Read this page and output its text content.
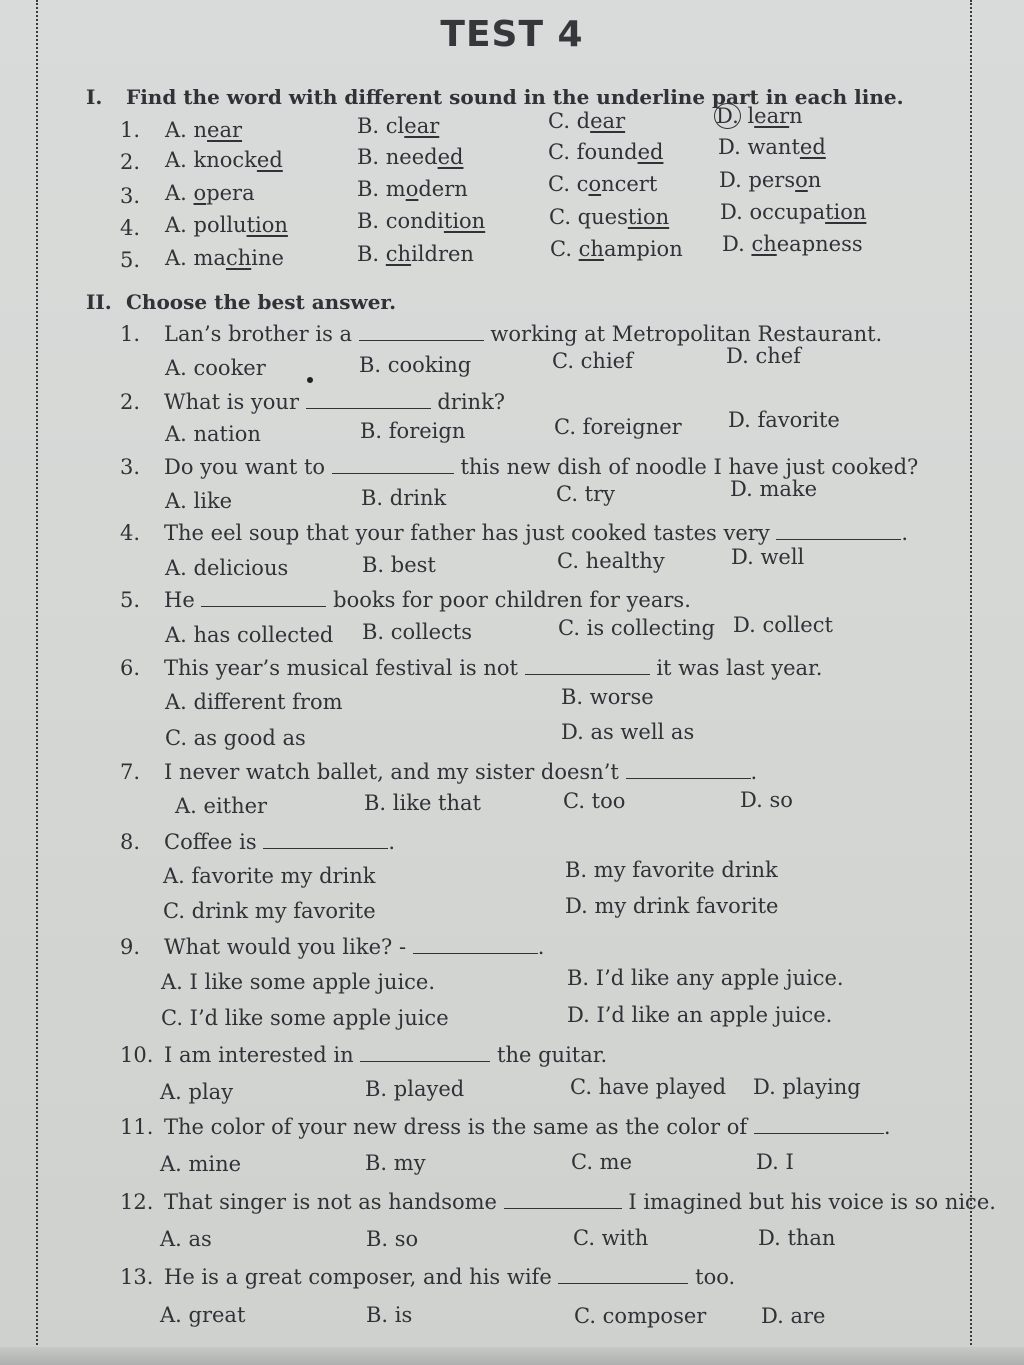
TEST 4
I. Find the word with different sound in the underline part in each line.
1.	A. near	B. clear	C. dear	D. learn
2.	A. knocked	B. needed	C. founded	D. wanted
3.	A. opera	B. modern	C. concert	D. person
4.	A. pollution	B. condition	C. question D. occupation
5.	A. machine	B. children	C. champion D. cheapness
II. Choose the best answer.
1. Lan’s brother is a	working at Metropolitan Restaurant.
A. cooker	B. cooking	C. chief	D. chef
2. What is your	drink?
A. nation	B. foreign	C. foreigner D. favorite
3. Do you want to	this new dish of noodle I have just cooked?
A. like	B. drink	C. try	D. make
4. The eel soup that your father has just cooked tastes very	.
A. delicious	B. best	C. healthy	D. well
5. He	books for poor children for years.
A. has collected B. collects	C. is collecting D. collect
6. This year’s musical festival is not	it was last year.
A. different from	B. worse
C. as good as	D. as well as
7. I never watch ballet, and my sister doesn’t	.
A. either	B. like that	C. too	D. so
8. Coffee is	.
A. favorite my drink	B. my favorite drink
C. drink my favorite	D. my drink favorite
9. What would you like? -	.
A. I like some apple juice.	B. I’d like any apple juice.
C. I’d like some apple juice	D. I’d like an apple juice.
10. I am interested in	the guitar.
A. play	B. played	C. have played D. playing
11. The color of your new dress is the same as the color of	.
A. mine	B. my	C. me	D. I
12. That singer is not as handsome	I imagined but his voice is so nice.
A. as	B. so	C. with	D. than
13. He is a great composer, and his wife	too.
A. great	B. is	C. composer	D. are
